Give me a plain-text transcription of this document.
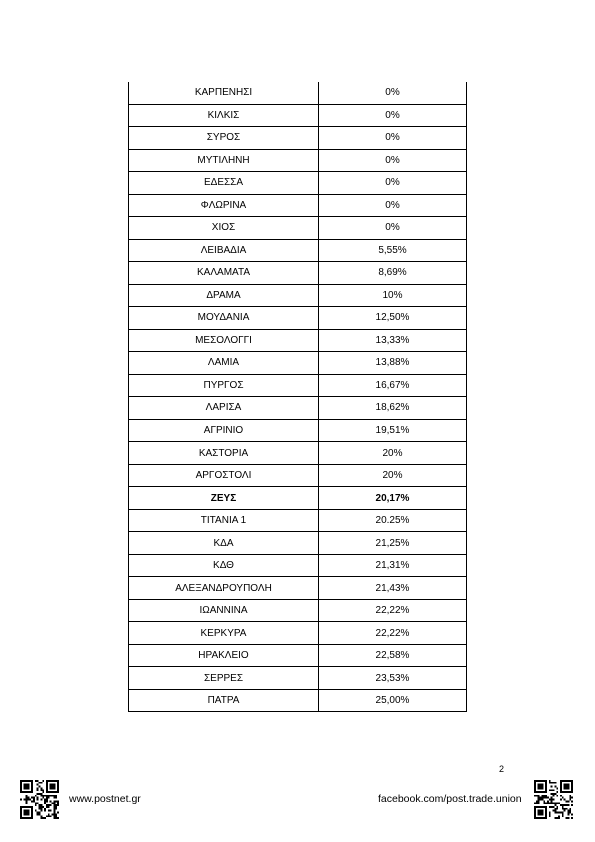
ΚΑΡΠΕΝΗΣΙ	0%
ΚΙΛΚΙΣ	0%
ΣΥΡΟΣ	0%
ΜΥΤΙΛΗΝΗ	0%
ΕΔΕΣΣΑ	0%
ΦΛΩΡΙΝΑ	0%
ΧΙΟΣ	0%
ΛΕΙΒΑΔΙΑ	5,55%
ΚΑΛΑΜΑΤΑ	8,69%
ΔΡΑΜΑ	10%
ΜΟΥΔΑΝΙΑ	12,50%
ΜΕΣΟΛΟΓΓΙ	13,33%
ΛΑΜΙΑ	13,88%
ΠΥΡΓΟΣ	16,67%
ΛΑΡΙΣΑ	18,62%
ΑΓΡΙΝΙΟ	19,51%
ΚΑΣΤΟΡΙΑ	20%
ΑΡΓΟΣΤΟΛΙ	20%
ΖΕΥΣ	20,17%
ΤΙΤΑΝΙΑ 1	20.25%
ΚΔΑ	21,25%
ΚΔΘ	21,31%
ΑΛΕΞΑΝΔΡΟΥΠΟΛΗ	21,43%
ΙΩΑΝΝΙΝΑ	22,22%
ΚΕΡΚΥΡΑ	22,22%
ΗΡΑΚΛΕΙΟ	22,58%
ΣΕΡΡΕΣ	23,53%
ΠΑΤΡΑ	25,00%
2
www.postnet.gr	facebook.com/post.trade.union
